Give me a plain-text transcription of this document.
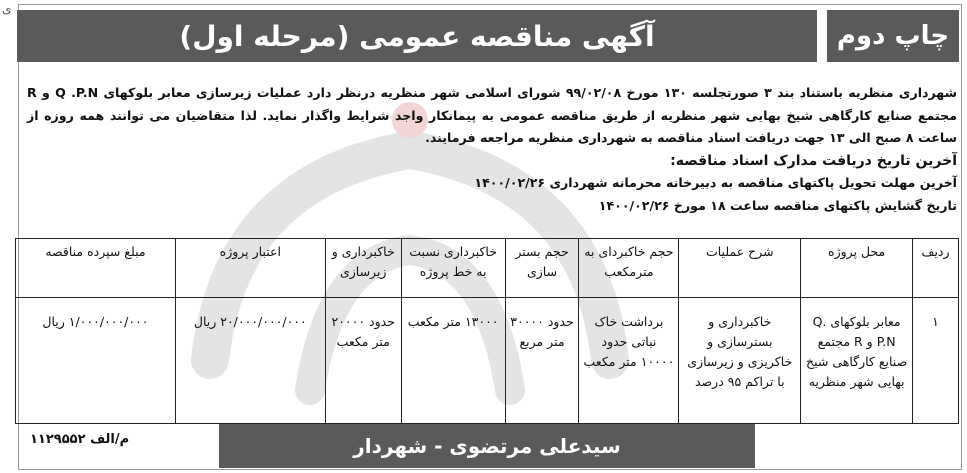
ی
آگهی مناقصه عمومی (مرحله اول)	چاپ دوم

شهرداری منظریه باستناد بند ۳ صورتجلسه ۱۳۰ مورخ ۹۹/۰۲/۰۸ شورای اسلامی شهر منظریه درنظر دارد عملیات زیرسازی معابر بلوکهای Q .P.N و R مجتمع صنایع کارگاهی شیخ بهایی شهر منظریه از طریق مناقصه عمومی به پیمانکار واجد شرایط واگذار نماید. لذا متقاضیان می توانند همه روزه از ساعت ۸ صبح الی ۱۳ جهت دریافت اسناد مناقصه به شهرداری منظریه مراجعه فرمایند.

آخرین تاریخ دریافت مدارک اسناد مناقصه:

آخرین مهلت تحویل پاکتهای مناقصه به دبیرخانه محرمانه شهرداری ۱۴۰۰/۰۲/۲۶

تاریخ گشایش پاکتهای مناقصه ساعت ۱۸ مورخ ۱۴۰۰/۰۲/۲۶

ردیف	محل پروژه	شرح عملیات	حجم خاکبردای به مترمکعب	حجم بستر سازی	خاکبرداری نسبت به خط پروژه	خاکبرداری و زیرسازی	اعتبار پروژه	مبلغ سپرده مناقصه
۱	معابر بلوکهای Q. P.N و R مجتمع صنایع کارگاهی شیخ بهایی شهر منظریه	خاکبرداری و بسترسازی و خاکریزی و زیرسازی با تراکم ۹۵ درصد	برداشت خاک نباتی حدود ۱۰۰۰۰ متر مکعب	حدود ۳۰۰۰۰ متر مربع	۱۳۰۰۰ متر مکعب	حدود ۲۰۰۰۰ متر مکعب	۲۰/۰۰۰/۰۰۰/۰۰۰ ریال	۱/۰۰۰/۰۰۰/۰۰۰ ریال
م/الف ۱۱۲۹۵۵۲	سیدعلی مرتضوی - شهردار
